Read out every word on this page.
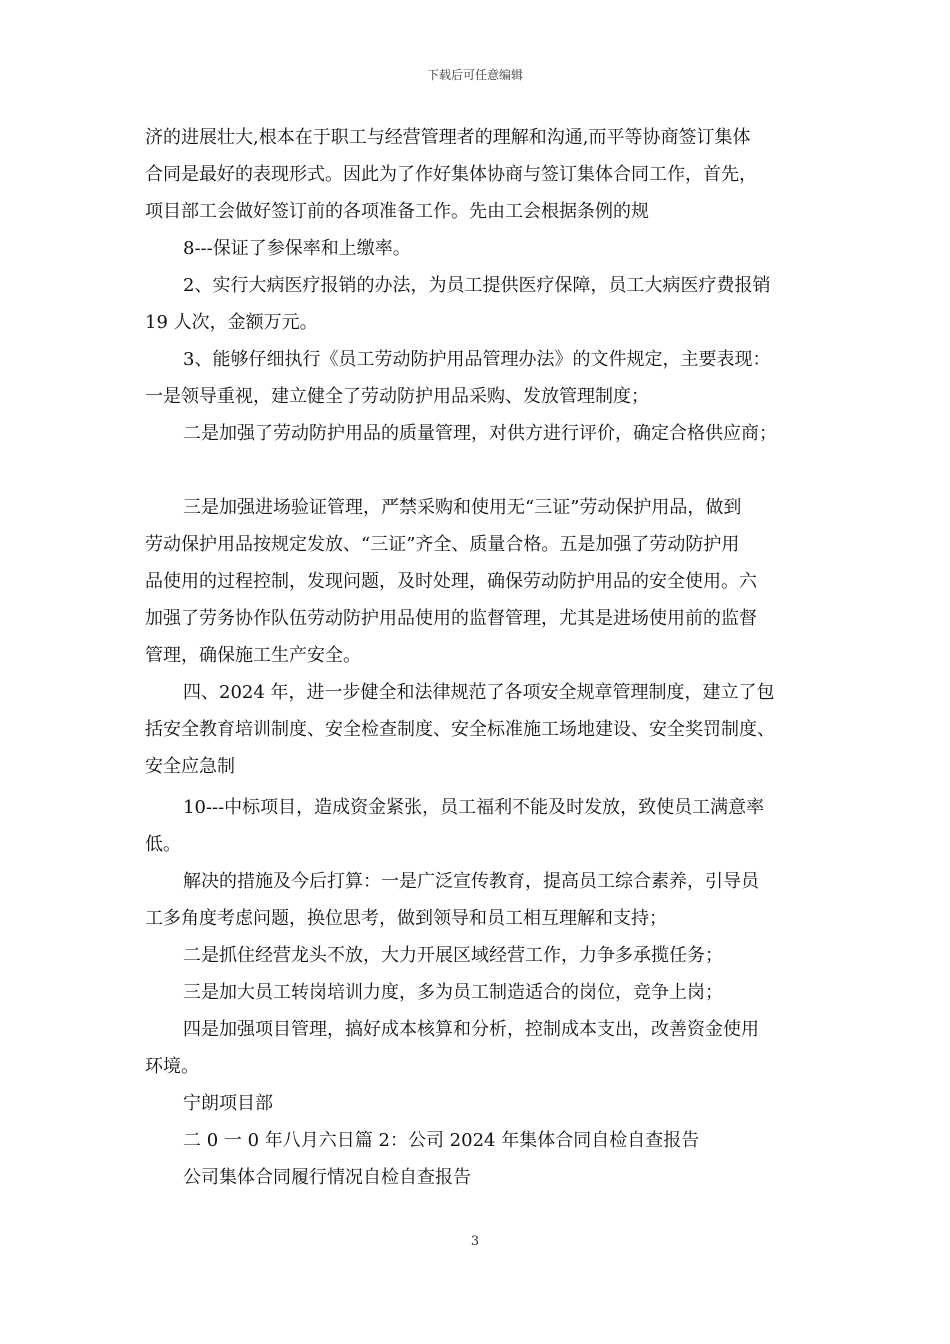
下载后可任意编辑
济的进展壮大,根本在于职工与经营管理者的理解和沟通,而平等协商签订集体
合同是最好的表现形式。因此为了作好集体协商与签订集体合同工作，首先，
项目部工会做好签订前的各项准备工作。先由工会根据条例的规
8---保证了参保率和上缴率。
2、实行大病医疗报销的办法，为员工提供医疗保障，员工大病医疗费报销
19 人次，金额万元。
3、能够仔细执行《员工劳动防护用品管理办法》的文件规定，主要表现：
一是领导重视，建立健全了劳动防护用品采购、发放管理制度；
二是加强了劳动防护用品的质量管理，对供方进行评价，确定合格供应商；
三是加强进场验证管理，严禁采购和使用无“三证”劳动保护用品，做到
劳动保护用品按规定发放、“三证”齐全、质量合格。五是加强了劳动防护用
品使用的过程控制，发现问题，及时处理，确保劳动防护用品的安全使用。六
加强了劳务协作队伍劳动防护用品使用的监督管理，尤其是进场使用前的监督
管理，确保施工生产安全。
四、2024 年，进一步健全和法律规范了各项安全规章管理制度，建立了包
括安全教育培训制度、安全检查制度、安全标准施工场地建设、安全奖罚制度、
安全应急制
10---中标项目，造成资金紧张，员工福利不能及时发放，致使员工满意率
低。
解决的措施及今后打算：一是广泛宣传教育，提高员工综合素养，引导员
工多角度考虑问题，换位思考，做到领导和员工相互理解和支持；
二是抓住经营龙头不放，大力开展区域经营工作，力争多承揽任务；
三是加大员工转岗培训力度，多为员工制造适合的岗位，竞争上岗；
四是加强项目管理，搞好成本核算和分析，控制成本支出，改善资金使用
环境。
宁朗项目部
二 0 一 0 年八月六日篇 2：公司 2024 年集体合同自检自查报告
公司集体合同履行情况自检自查报告
3
